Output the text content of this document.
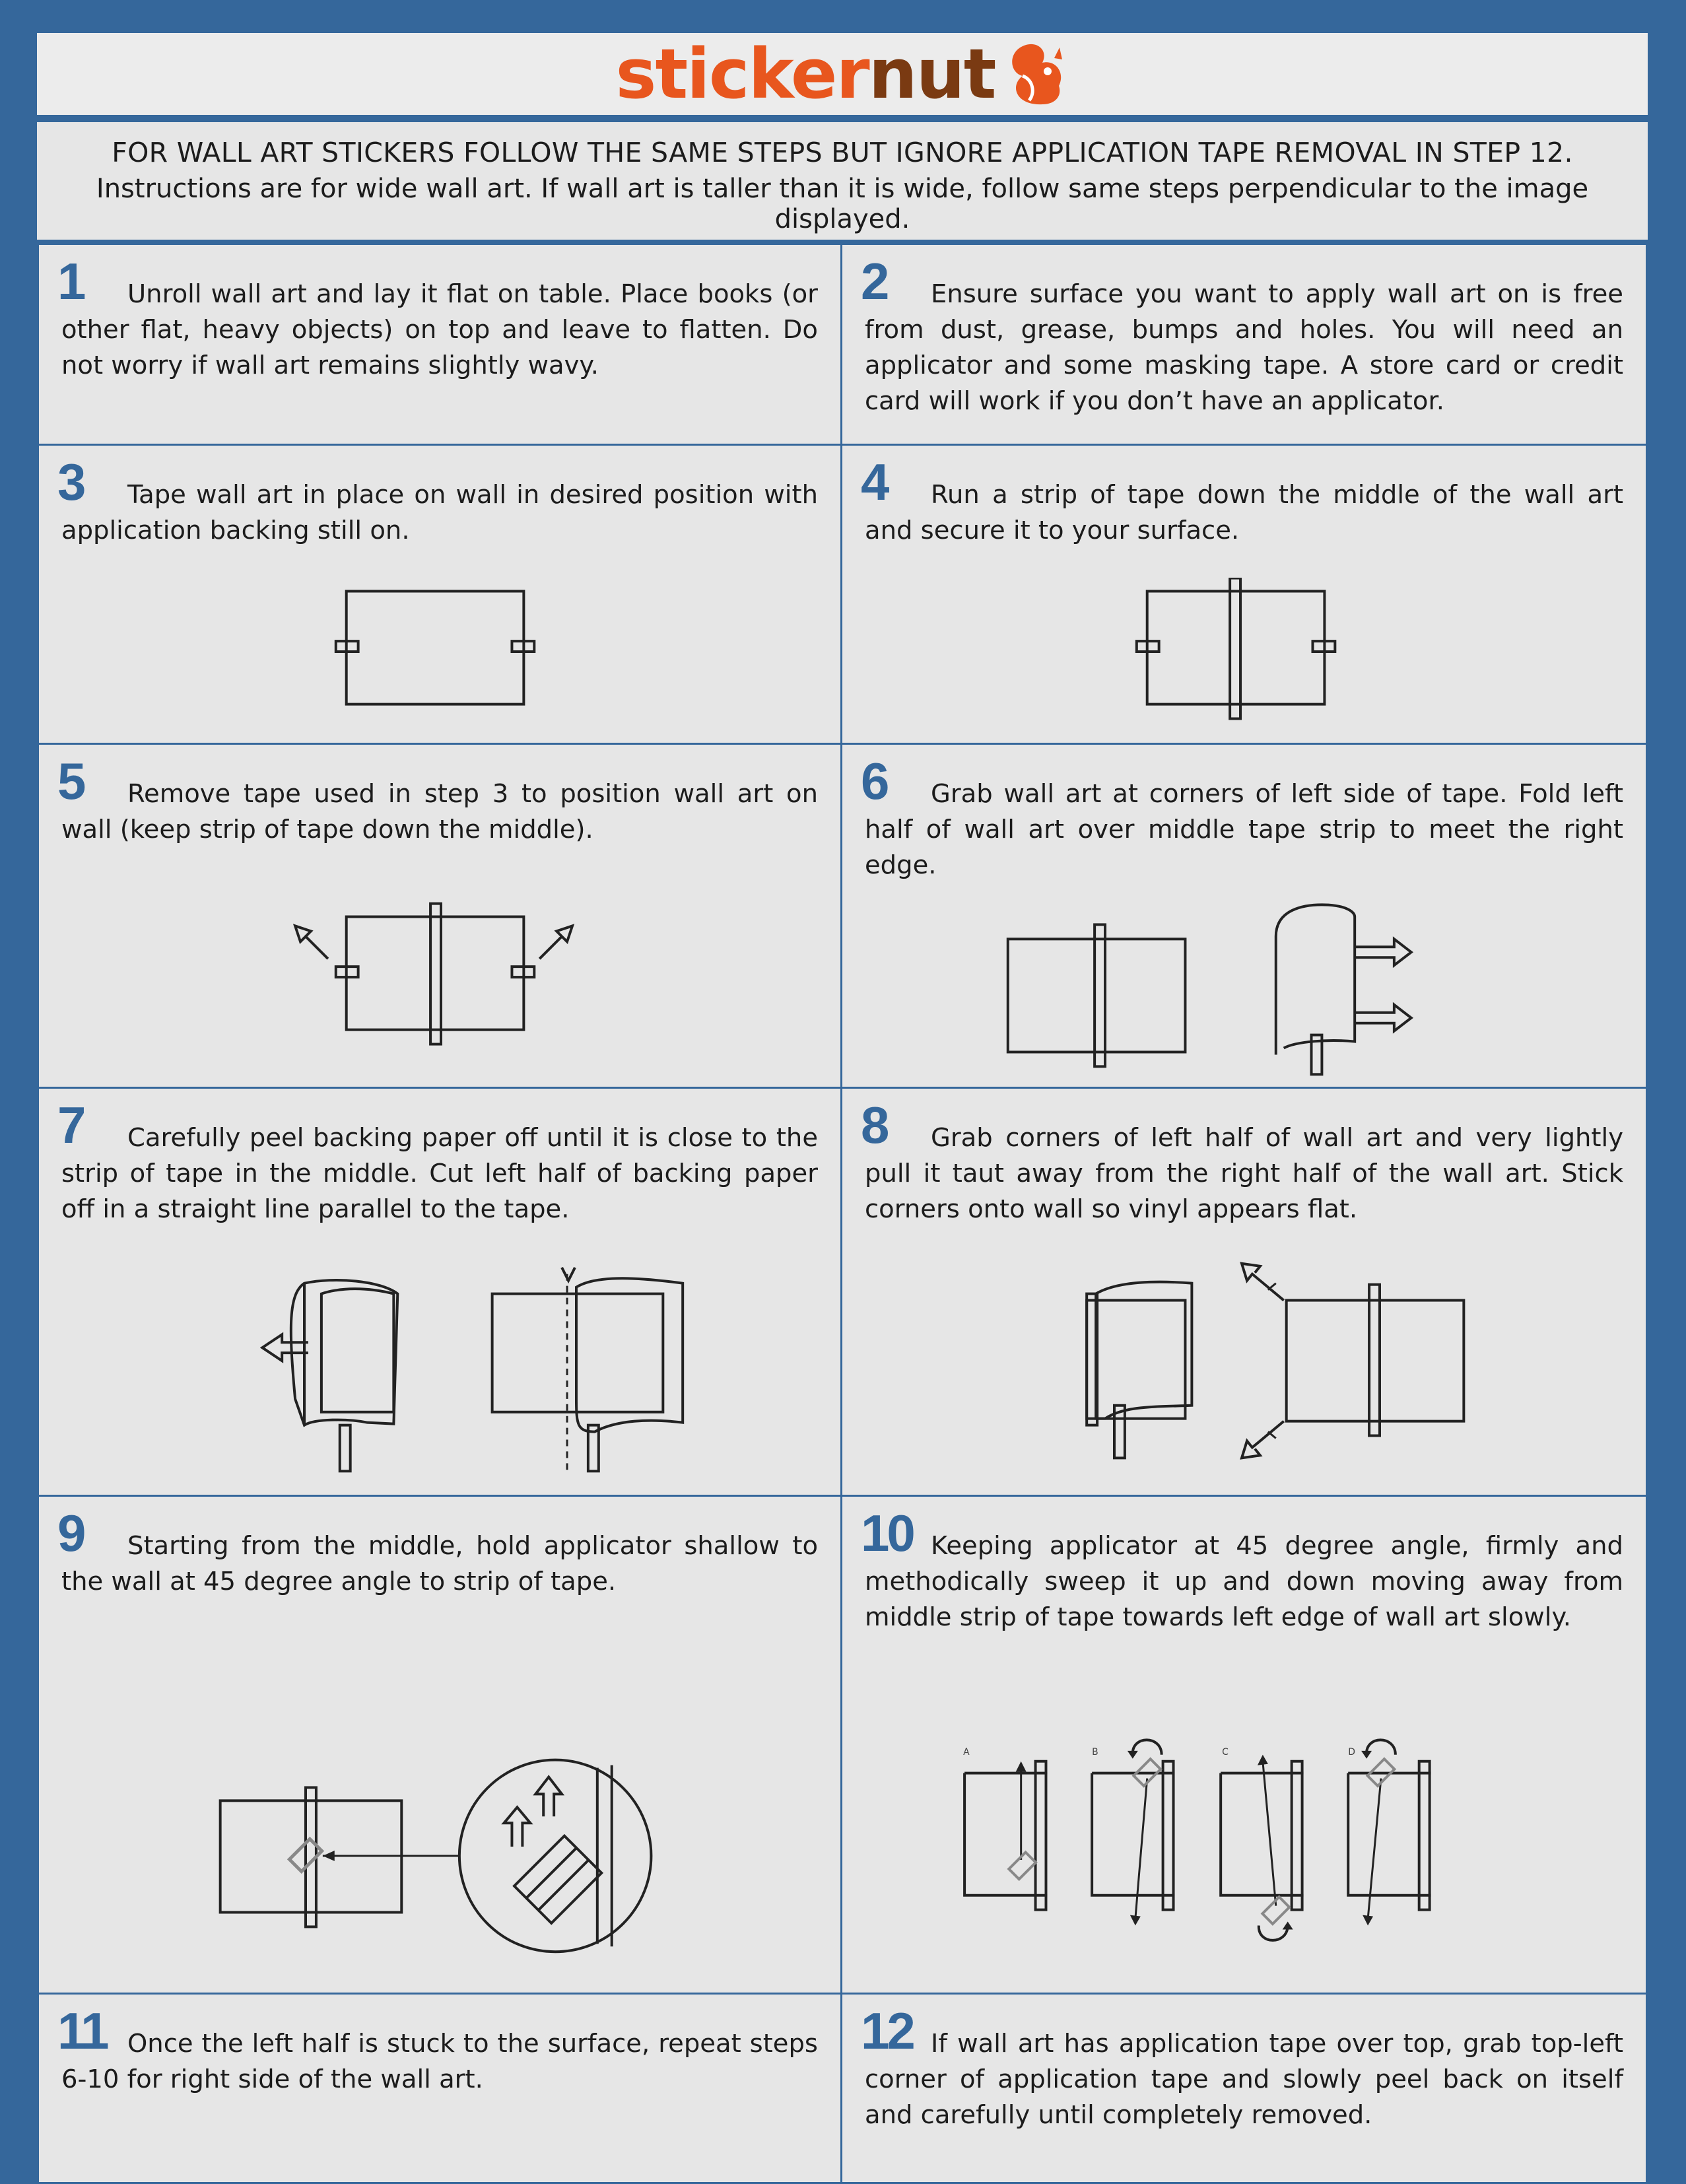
sticker nut
FOR WALL ART STICKERS FOLLOW THE SAME STEPS BUT IGNORE APPLICATION TAPE REMOVAL IN STEP 12.
Instructions are for wide wall art. If wall art is taller than it is wide, follow same steps perpendicular to the image displayed.
1	Unroll wall art and lay it flat on table. Place books (or other flat, heavy objects) on top and leave to flatten. Do not worry if wall art remains slightly wavy.
2	Ensure surface you want to apply wall art on is free from dust, grease, bumps and holes. You will need an applicator and some masking tape. A store card or credit card will work if you don’t have an applicator.
3	Tape wall art in place on wall in desired position with application backing still on.
4	Run a strip of tape down the middle of the wall art and secure it to your surface.
5	Remove tape used in step 3 to position wall art on wall (keep strip of tape down the middle).
6	Grab wall art at corners of left side of tape. Fold left half of wall art over middle tape strip to meet the right edge.
7	Carefully peel backing paper off until it is close to the strip of tape in the middle. Cut left half of backing paper off in a straight line parallel to the tape.
8	Grab corners of left half of wall art and very lightly pull it taut away from the right half of the wall art. Stick corners onto wall so vinyl appears flat.
9	Starting from the middle, hold applicator shallow to the wall at 45 degree angle to strip of tape.
10 Keeping applicator at 45 degree angle, firmly and methodically sweep it up and down moving away from middle strip of tape towards left edge of wall art slowly.
A	B	C	D
11 Once the left half is stuck to the surface, repeat steps 6-10 for right side of the wall art.
12 If wall art has application tape over top, grab top-left corner of application tape and slowly peel back on itself and carefully until completely removed.
